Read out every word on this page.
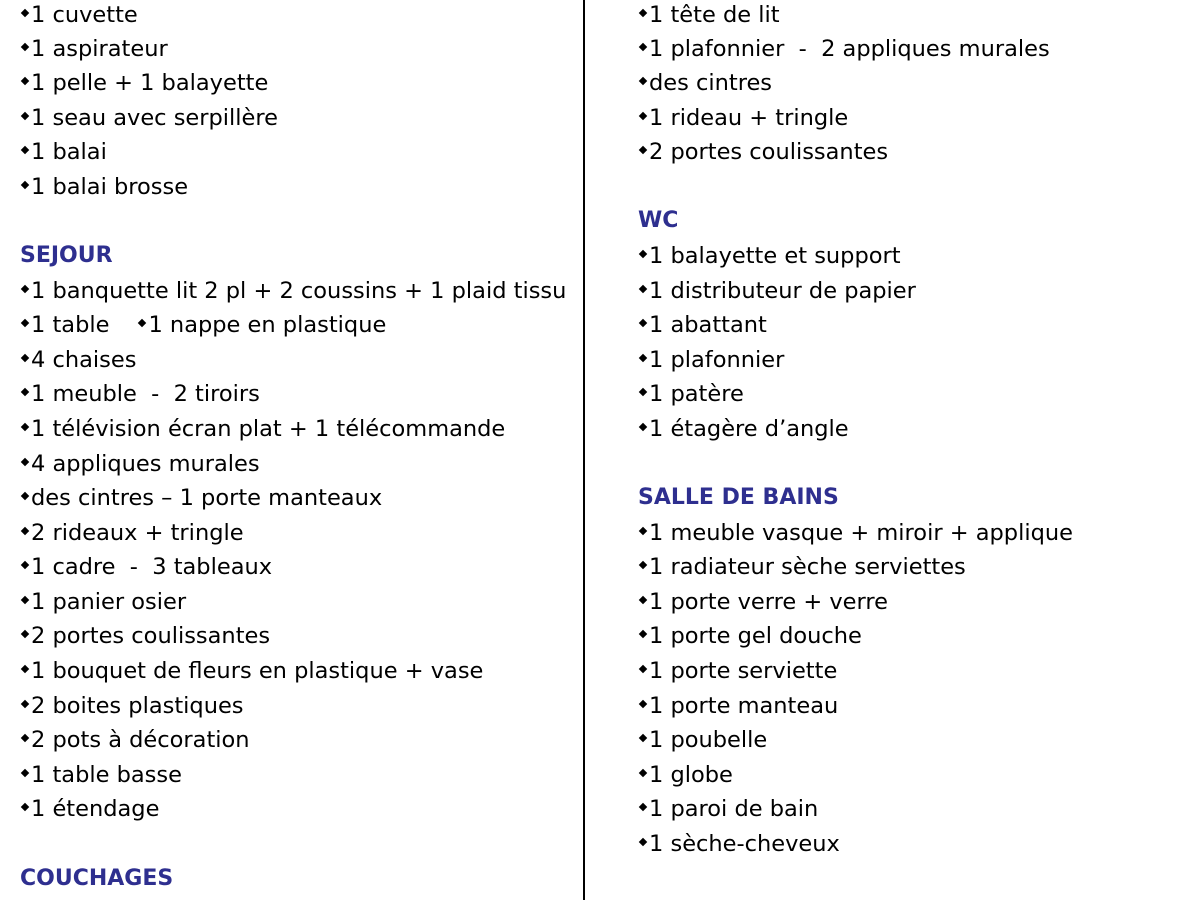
1 cuvette
1 aspirateur
1 pelle + 1 balayette
1 seau avec serpillère
1 balai
1 balai brosse
SEJOUR
1 banquette lit 2 pl + 2 coussins + 1 plaid tissu
1 table 1 nappe en plastique
4 chaises
1 meuble  -  2 tiroirs
1 télévision écran plat + 1 télécommande
4 appliques murales
des cintres – 1 porte manteaux
2 rideaux + tringle
1 cadre  -  3 tableaux
1 panier osier
2 portes coulissantes
1 bouquet de fleurs en plastique + vase
2 boites plastiques
2 pots à décoration
1 table basse
1 étendage
COUCHAGES
1 tête de lit
1 plafonnier  -  2 appliques murales
des cintres
1 rideau + tringle
2 portes coulissantes
WC
1 balayette et support
1 distributeur de papier
1 abattant
1 plafonnier
1 patère
1 étagère d’angle
SALLE DE BAINS
1 meuble vasque + miroir + applique
1 radiateur sèche serviettes
1 porte verre + verre
1 porte gel douche
1 porte serviette
1 porte manteau
1 poubelle
1 globe
1 paroi de bain
1 sèche-cheveux
